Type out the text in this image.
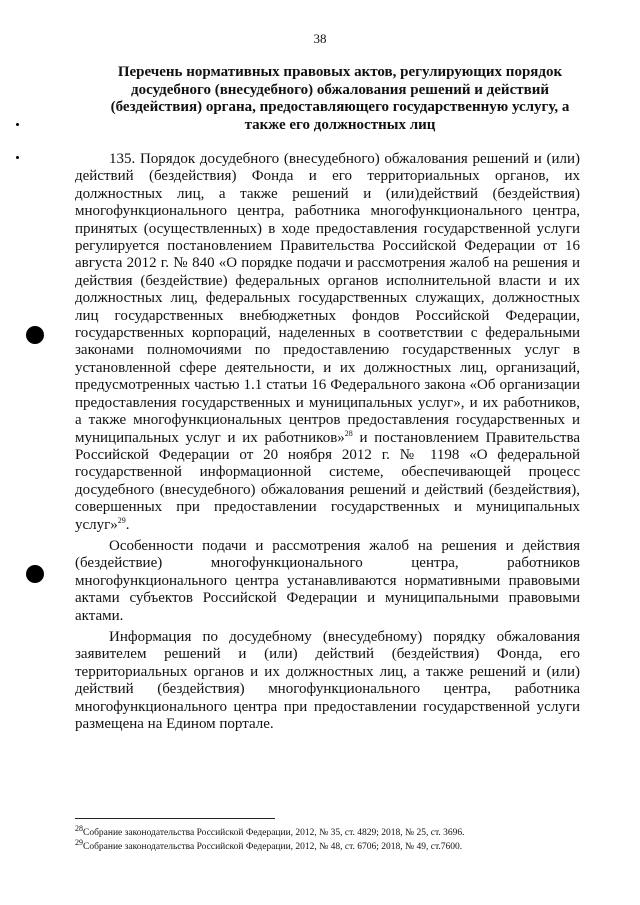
38
Перечень нормативных правовых актов, регулирующих порядок досудебного (внесудебного) обжалования решений и действий (бездействия) органа, предоставляющего государственную услугу, а также его должностных лиц

135. Порядок досудебного (внесудебного) обжалования решений и (или) действий (бездействия) Фонда и его территориальных органов, их должностных лиц, а также решений и (или)действий (бездействия) многофункционального центра, работника многофункционального центра, принятых (осуществленных) в ходе предоставления государственной услуги регулируется постановлением Правительства Российской Федерации от 16 августа 2012 г. № 840 «О порядке подачи и рассмотрения жалоб на решения и действия (бездействие) федеральных органов исполнительной власти и их должностных лиц, федеральных государственных служащих, должностных лиц государственных внебюджетных фондов Российской Федерации, государственных корпораций, наделенных в соответствии с федеральными законами полномочиями по предоставлению государственных услуг в установленной сфере деятельности, и их должностных лиц, организаций, предусмотренных частью 1.1 статьи 16 Федерального закона «Об организации предоставления государственных и муниципальных услуг», и их работников, а также многофункциональных центров предоставления государственных и муниципальных услуг и их работников»$^{28}$ и постановлением Правительства Российской Федерации от 20 ноября 2012 г. № 1198 «О федеральной государственной информационной системе, обеспечивающей процесс досудебного (внесудебного) обжалования решений и действий (бездействия), совершенных при предоставлении государственных и муниципальных услуг»$^{29}$.

Особенности подачи и рассмотрения жалоб на решения и действия (бездействие) многофункционального центра, работников многофункционального центра устанавливаются нормативными правовыми актами субъектов Российской Федерации и муниципальными правовыми актами.

Информация по досудебному (внесудебному) порядку обжалования заявителем решений и (или) действий (бездействия) Фонда, его территориальных органов и их должностных лиц, а также решений и (или) действий (бездействия) многофункционального центра, работника многофункционального центра при предоставлении государственной услуги размещена на Едином портале.

$^{28}$Собрание законодательства Российской Федерации, 2012, № 35, ст. 4829; 2018, № 25, ст. 3696.
$^{29}$Собрание законодательства Российской Федерации, 2012, № 48, ст. 6706; 2018, № 49, ст.7600.
